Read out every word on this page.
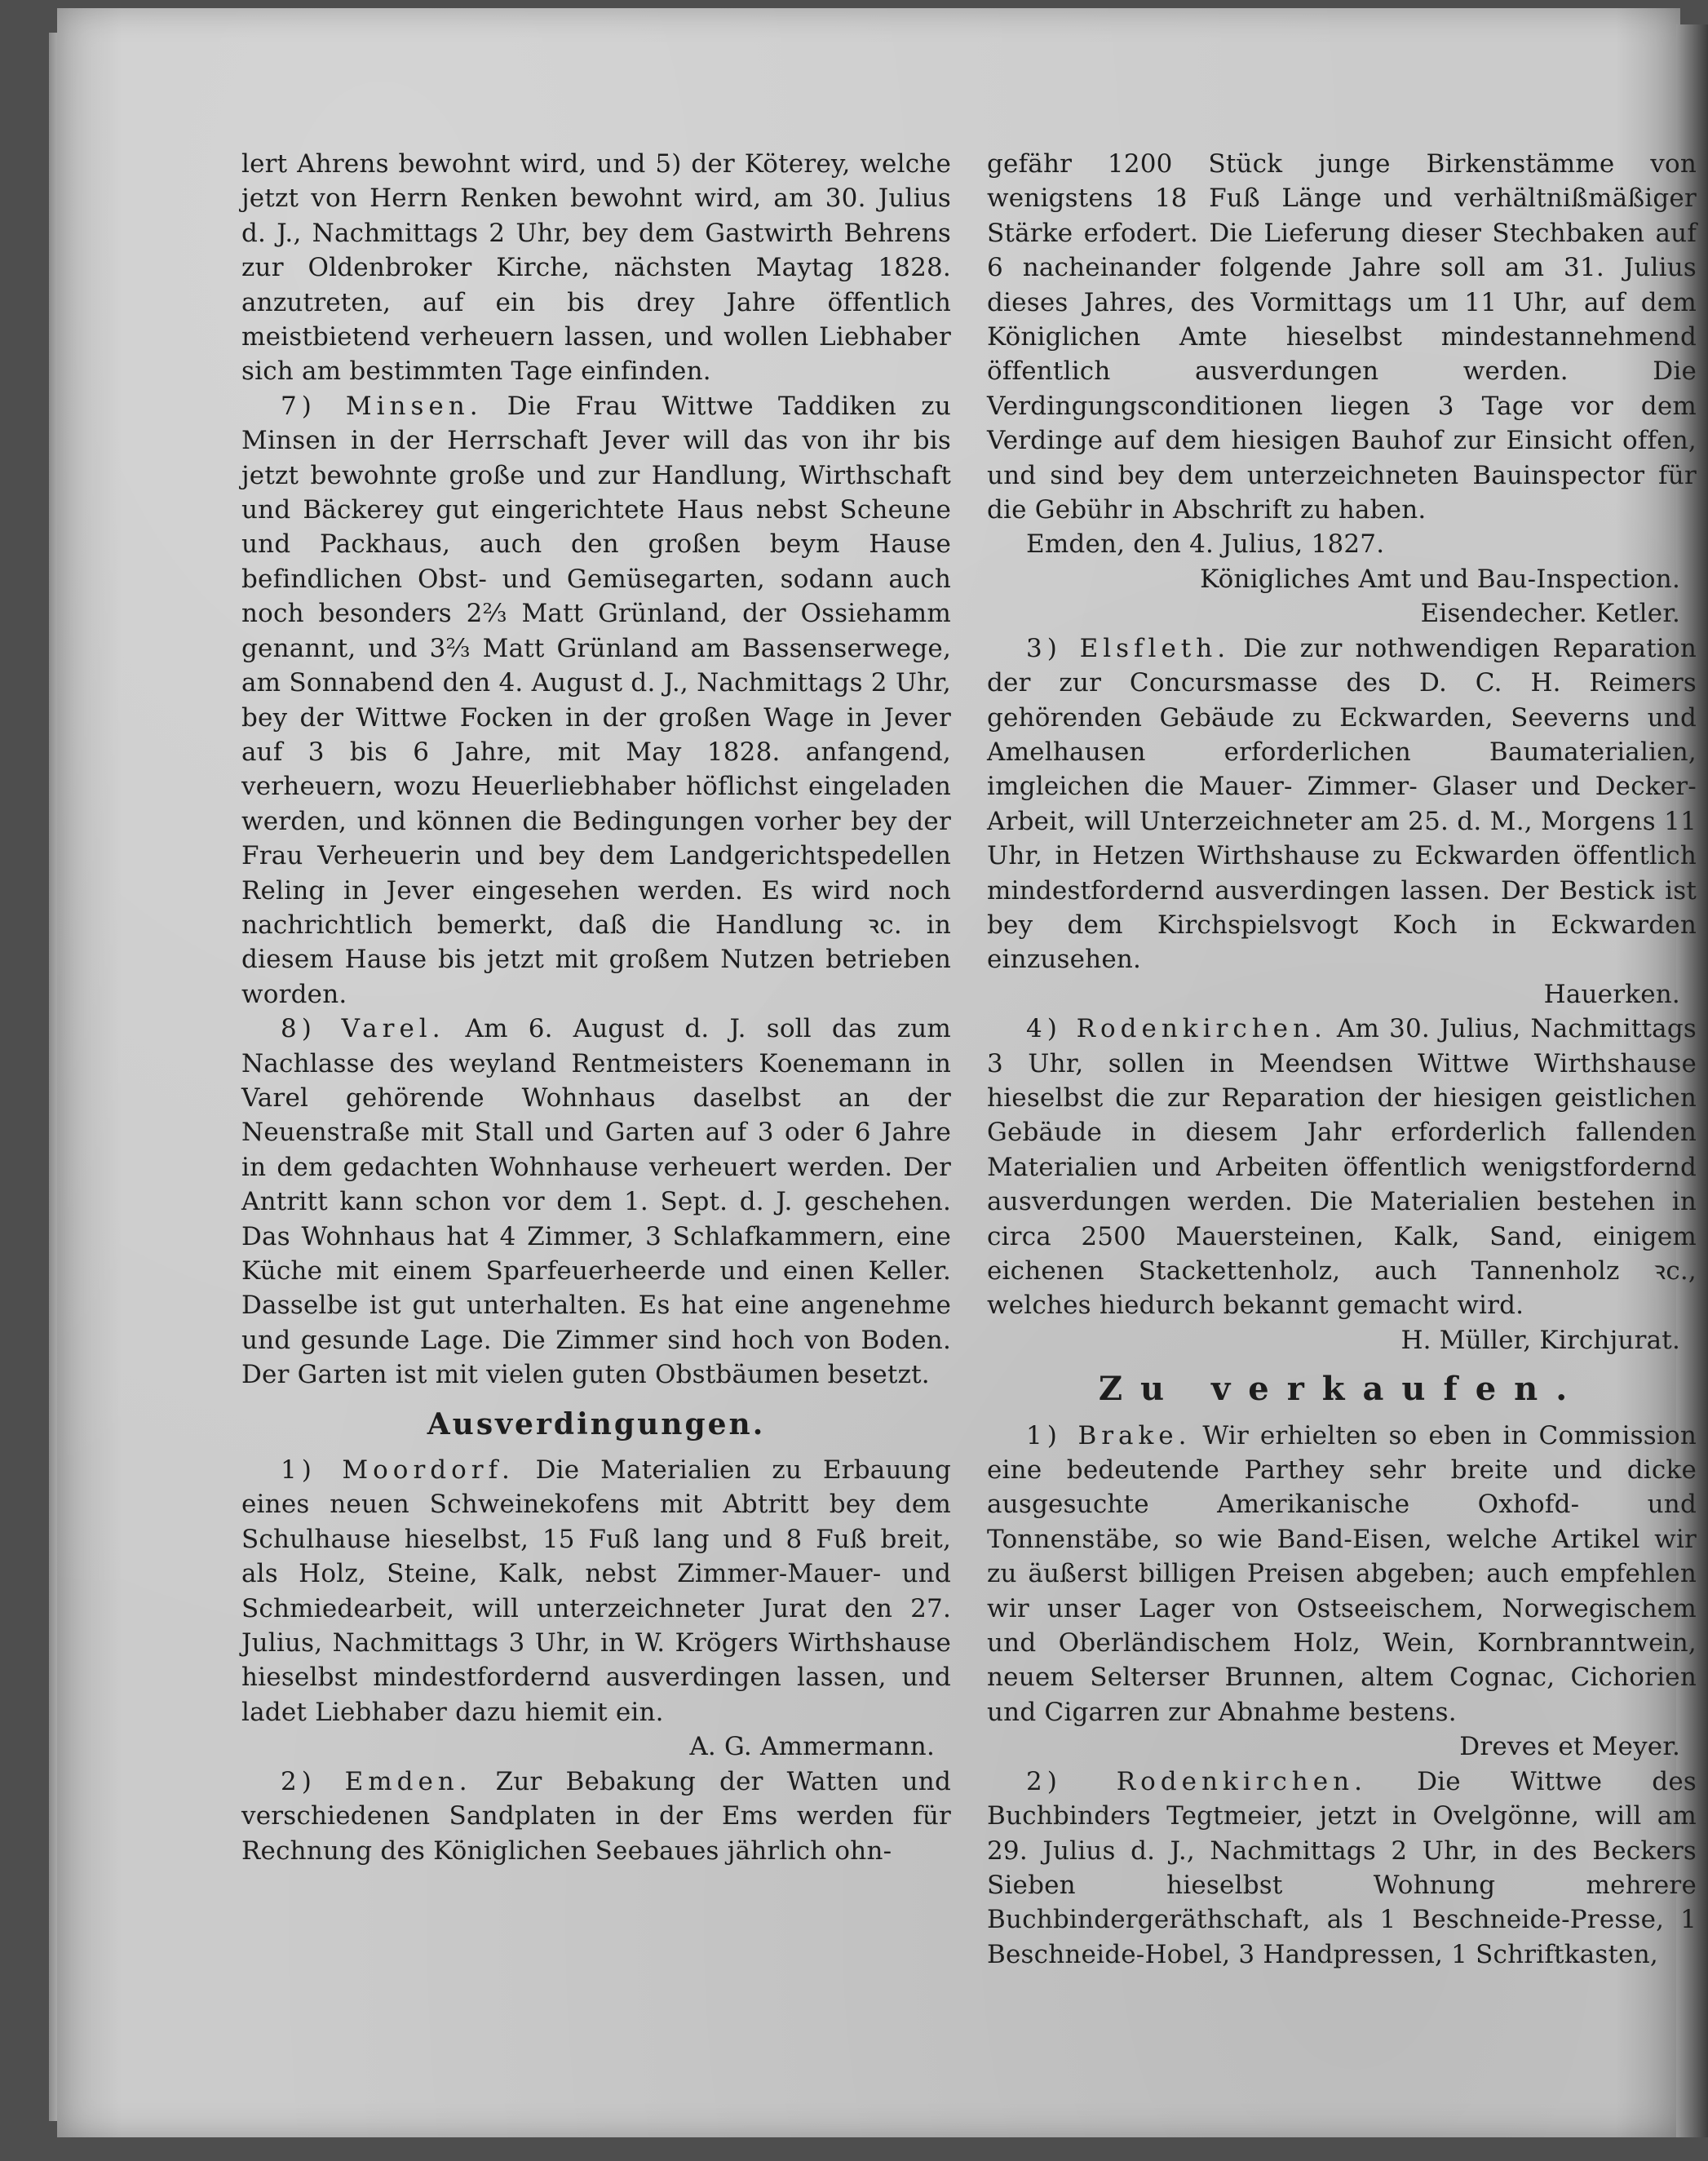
lert Ahrens bewohnt wird, und 5) der Köterey, welche jetzt von Herrn Renken bewohnt wird, am 30. Julius d. J., Nachmittags 2 Uhr, bey dem Gastwirth Behrens zur Oldenbroker Kirche, nächsten Maytag 1828. anzutreten, auf ein bis drey Jahre öffentlich meistbietend verheuern lassen, und wollen Liebhaber sich am bestimmten Tage einfinden.

7) Minsen. Die Frau Wittwe Taddiken zu Minsen in der Herrschaft Jever will das von ihr bis jetzt bewohnte große und zur Handlung, Wirthschaft und Bäckerey gut eingerichtete Haus nebst Scheune und Packhaus, auch den großen beym Hause befindlichen Obst- und Gemüsegarten, sodann auch noch besonders 2⅔ Matt Grünland, der Ossiehamm genannt, und 3⅔ Matt Grünland am Bassenserwege, am Sonnabend den 4. August d. J., Nachmittags 2 Uhr, bey der Wittwe Focken in der großen Wage in Jever auf 3 bis 6 Jahre, mit May 1828. anfangend, verheuern, wozu Heuerliebhaber höflichst eingeladen werden, und können die Bedingungen vorher bey der Frau Verheuerin und bey dem Landgerichtspedellen Reling in Jever eingesehen werden. Es wird noch nachrichtlich bemerkt, daß die Handlung ꝛc. in diesem Hause bis jetzt mit großem Nutzen betrieben worden.

8) Varel. Am 6. August d. J. soll das zum Nachlasse des weyland Rentmeisters Koenemann in Varel gehörende Wohnhaus daselbst an der Neuenstraße mit Stall und Garten auf 3 oder 6 Jahre in dem gedachten Wohnhause verheuert werden. Der Antritt kann schon vor dem 1. Sept. d. J. geschehen. Das Wohnhaus hat 4 Zimmer, 3 Schlafkammern, eine Küche mit einem Sparfeuerheerde und einen Keller. Dasselbe ist gut unterhalten. Es hat eine angenehme und gesunde Lage. Die Zimmer sind hoch von Boden. Der Garten ist mit vielen guten Obstbäumen besetzt.

Ausverdingungen.

1) Moordorf. Die Materialien zu Erbauung eines neuen Schweinekofens mit Abtritt bey dem Schulhause hieselbst, 15 Fuß lang und 8 Fuß breit, als Holz, Steine, Kalk, nebst Zimmer-Mauer- und Schmiedearbeit, will unterzeichneter Jurat den 27. Julius, Nachmittags 3 Uhr, in W. Krögers Wirthshause hieselbst mindestfordernd ausverdingen lassen, und ladet Liebhaber dazu hiemit ein.

A. G. Ammermann.

2) Emden. Zur Bebakung der Watten und verschiedenen Sandplaten in der Ems werden für Rechnung des Königlichen Seebaues jährlich ohn-

gefähr 1200 Stück junge Birkenstämme von wenigstens 18 Fuß Länge und verhältnißmäßiger Stärke erfodert. Die Lieferung dieser Stechbaken auf 6 nacheinander folgende Jahre soll am 31. Julius dieses Jahres, des Vormittags um 11 Uhr, auf dem Königlichen Amte hieselbst mindestannehmend öffentlich ausverdungen werden. Die Verdingungsconditionen liegen 3 Tage vor dem Verdinge auf dem hiesigen Bauhof zur Einsicht offen, und sind bey dem unterzeichneten Bauinspector für die Gebühr in Abschrift zu haben.

Emden, den 4. Julius, 1827.

Königliches Amt und Bau-Inspection.

Eisendecher. Ketler.

3) Elsfleth. Die zur nothwendigen Reparation der zur Concursmasse des D. C. H. Reimers gehörenden Gebäude zu Eckwarden, Seeverns und Amelhausen erforderlichen Baumaterialien, imgleichen die Mauer- Zimmer- Glaser und Decker-Arbeit, will Unterzeichneter am 25. d. M., Morgens 11 Uhr, in Hetzen Wirthshause zu Eckwarden öffentlich mindestfordernd ausverdingen lassen. Der Bestick ist bey dem Kirchspielsvogt Koch in Eckwarden einzusehen.

Hauerken.

4) Rodenkirchen. Am 30. Julius, Nachmittags 3 Uhr, sollen in Meendsen Wittwe Wirthshause hieselbst die zur Reparation der hiesigen geistlichen Gebäude in diesem Jahr erforderlich fallenden Materialien und Arbeiten öffentlich wenigstfordernd ausverdungen werden. Die Materialien bestehen in circa 2500 Mauersteinen, Kalk, Sand, einigem eichenen Stackettenholz, auch Tannenholz ꝛc., welches hiedurch bekannt gemacht wird.

H. Müller, Kirchjurat.

Zu verkaufen.

1) Brake. Wir erhielten so eben in Commission eine bedeutende Parthey sehr breite und dicke ausgesuchte Amerikanische Oxhofd- und Tonnenstäbe, so wie Band-Eisen, welche Artikel wir zu äußerst billigen Preisen abgeben; auch empfehlen wir unser Lager von Ostseeischem, Norwegischem und Oberländischem Holz, Wein, Kornbranntwein, neuem Selterser Brunnen, altem Cognac, Cichorien und Cigarren zur Abnahme bestens.

Dreves et Meyer.

2) Rodenkirchen. Die Wittwe des Buchbinders Tegtmeier, jetzt in Ovelgönne, will am 29. Julius d. J., Nachmittags 2 Uhr, in des Beckers Sieben hieselbst Wohnung mehrere Buchbindergeräthschaft, als 1 Beschneide-Presse, 1 Beschneide-Hobel, 3 Handpressen, 1 Schriftkasten,
